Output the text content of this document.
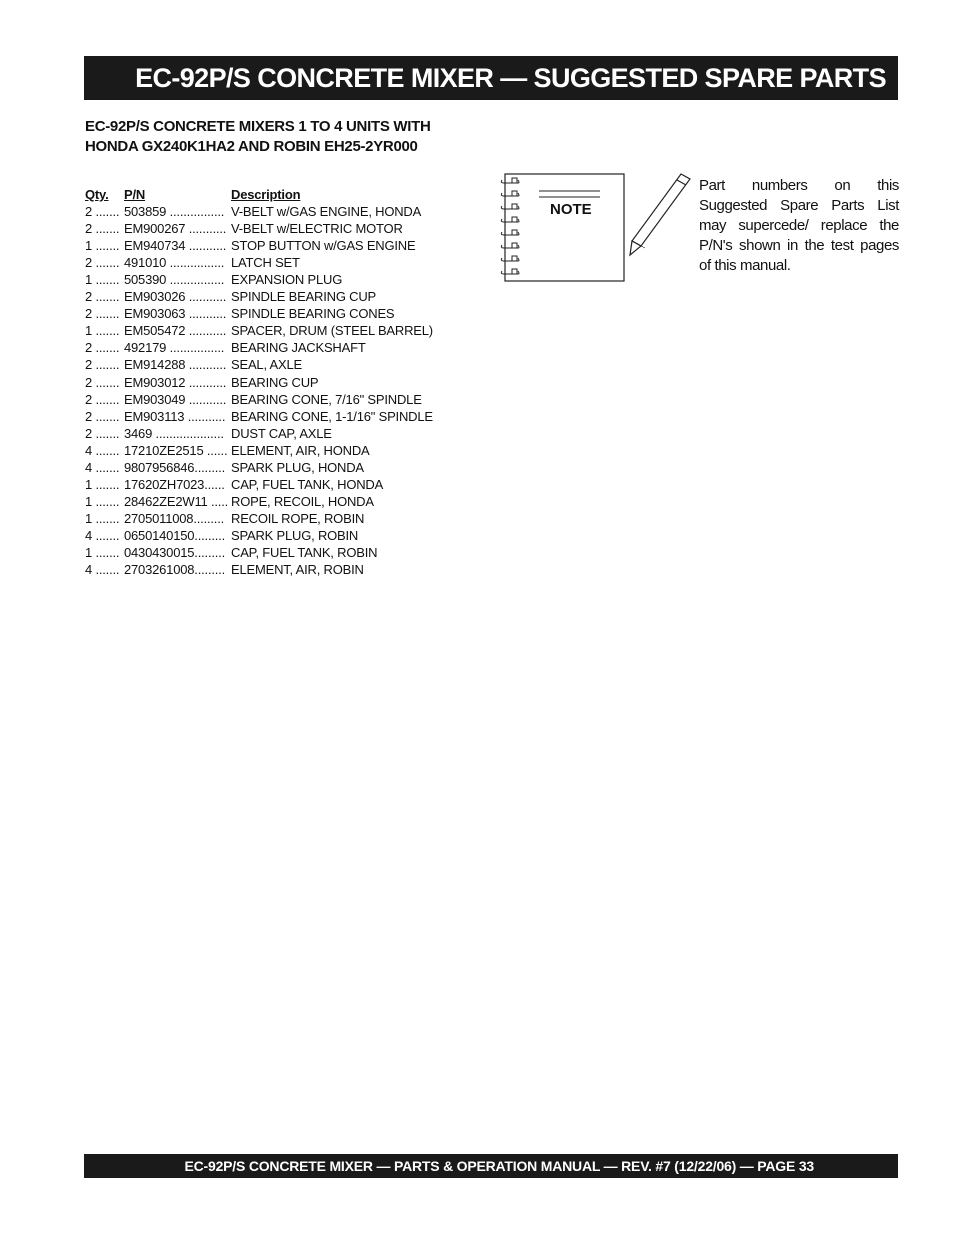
EC-92P/S CONCRETE MIXER — SUGGESTED SPARE PARTS
EC-92P/S CONCRETE MIXERS 1 TO 4 UNITS WITH
HONDA GX240K1HA2 AND ROBIN EH25-2YR000
Qty.	P/N	Description
2 ....... 503859 ................ V-BELT w/GAS ENGINE, HONDA
2 ....... EM900267 ........... V-BELT w/ELECTRIC MOTOR
1 ....... EM940734 ........... STOP BUTTON w/GAS ENGINE
2 ....... 491010 ................ LATCH SET
1 ....... 505390 ................ EXPANSION PLUG
2 ....... EM903026 ........... SPINDLE BEARING CUP
2 ....... EM903063 ........... SPINDLE BEARING CONES
1 ....... EM505472 ........... SPACER, DRUM (STEEL BARREL)
2 ....... 492179 ................ BEARING JACKSHAFT
2 ....... EM914288 ........... SEAL, AXLE
2 ....... EM903012 ........... BEARING CUP
2 ....... EM903049 ........... BEARING CONE, 7/16" SPINDLE
2 ....... EM903113 ........... BEARING CONE, 1-1/16" SPINDLE
2 ....... 3469 .................... DUST CAP, AXLE
4 ....... 17210ZE2515 ...... ELEMENT, AIR, HONDA
4 ....... 9807956846......... SPARK PLUG, HONDA
1 ....... 17620ZH7023...... CAP, FUEL TANK, HONDA
1 ....... 28462ZE2W11 ..... ROPE, RECOIL, HONDA
1 ....... 2705011008......... RECOIL ROPE, ROBIN
4 ....... 0650140150......... SPARK PLUG, ROBIN
1 ....... 0430430015......... CAP, FUEL TANK, ROBIN
4 ....... 2703261008......... ELEMENT, AIR, ROBIN
NOTE
Part numbers on this Suggested Spare Parts List may supercede/ replace the P/N's shown in the test pages of this manual.
EC-92P/S CONCRETE MIXER — PARTS & OPERATION MANUAL — REV. #7 (12/22/06) — PAGE 33
